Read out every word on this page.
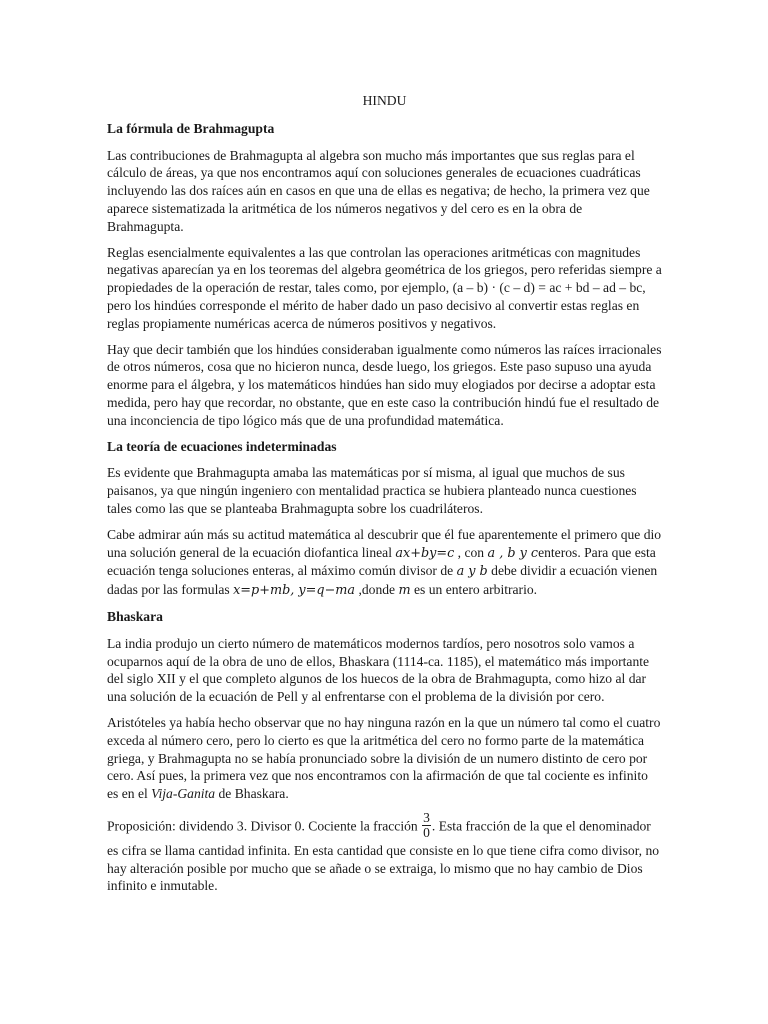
HINDU
La fórmula de Brahmagupta

Las contribuciones de Brahmagupta al algebra son mucho más importantes que sus reglas para el cálculo de áreas, ya que nos encontramos aquí con soluciones generales de ecuaciones cuadráticas incluyendo las dos raíces aún en casos en que una de ellas es negativa; de hecho, la primera vez que aparece sistematizada la aritmética de los números negativos y del cero es en la obra de Brahmagupta.

Reglas esencialmente equivalentes a las que controlan las operaciones aritméticas con magnitudes negativas aparecían ya en los teoremas del algebra geométrica de los griegos, pero referidas siempre a propiedades de la operación de restar, tales como, por ejemplo, (a – b) · (c – d) = ac + bd – ad – bc, pero los hindúes corresponde el mérito de haber dado un paso decisivo al convertir estas reglas en reglas propiamente numéricas acerca de números positivos y negativos.

Hay que decir también que los hindúes consideraban igualmente como números las raíces irracionales de otros números, cosa que no hicieron nunca, desde luego, los griegos. Este paso supuso una ayuda enorme para el álgebra, y los matemáticos hindúes han sido muy elogiados por decirse a adoptar esta medida, pero hay que recordar, no obstante, que en este caso la contribución hindú fue el resultado de una inconciencia de tipo lógico más que de una profundidad matemática.

La teoría de ecuaciones indeterminadas

Es evidente que Brahmagupta amaba las matemáticas por sí misma, al igual que muchos de sus paisanos, ya que ningún ingeniero con mentalidad practica se hubiera planteado nunca cuestiones tales como las que se planteaba Brahmagupta sobre los cuadriláteros.

Cabe admirar aún más su actitud matemática al descubrir que él fue aparentemente el primero que dio una solución general de la ecuación diofantica lineal ax+by=c , con a , b y centeros. Para que esta ecuación tenga soluciones enteras, al máximo común divisor de a y b debe dividir a ecuación vienen dadas por las formulas x=p+mb, y=q−ma ,donde m es un entero arbitrario.

Bhaskara

La india produjo un cierto número de matemáticos modernos tardíos, pero nosotros solo vamos a ocuparnos aquí de la obra de uno de ellos, Bhaskara (1114-ca. 1185), el matemático más importante del siglo XII y el que completo algunos de los huecos de la obra de Brahmagupta, como hizo al dar una solución de la ecuación de Pell y al enfrentarse con el problema de la división por cero.

Aristóteles ya había hecho observar que no hay ninguna razón en la que un número tal como el cuatro exceda al número cero, pero lo cierto es que la aritmética del cero no formo parte de la matemática griega, y Brahmagupta no se había pronunciado sobre la división de un numero distinto de cero por cero. Así pues, la primera vez que nos encontramos con la afirmación de que tal cociente es infinito es en el Vija-Ganita de Bhaskara.

Proposición: dividendo 3. Divisor 0. Cociente la fracción $\frac{3}{0}$ . Esta fracción de la que el denominador es cifra se llama cantidad infinita. En esta cantidad que consiste en lo que tiene cifra como divisor, no hay alteración posible por mucho que se añade o se extraiga, lo mismo que no hay cambio de Dios infinito e inmutable.
